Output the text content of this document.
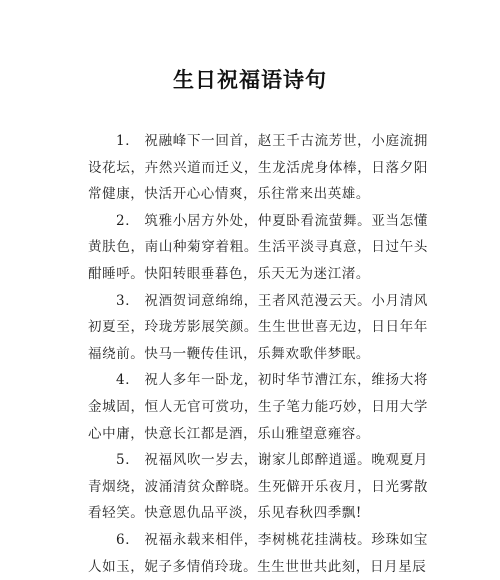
生日祝福语诗句

1． 祝融峰下一回首，赵王千古流芳世，小庭流拥设花坛，卉然兴道而迁义，生龙活虎身体棒，日落夕阳常健康，快活开心心情爽，乐往常来出英雄。

2． 筑雅小居方外处，仲夏卧看流萤舞。亚当怎懂黄肤色，南山种菊穿着粗。生活平淡寻真意，日过午头酣睡呼。快阳转眼垂暮色，乐天无为迷江渚。

3． 祝酒贺词意绵绵，王者风范漫云天。小月清风初夏至，玲珑芳影展笑颜。生生世世喜无边，日日年年福绕前。快马一鞭传佳讯，乐舞欢歌伴梦眠。

4． 祝人多年一卧龙，初时华节漕江东，维扬大将金城固，恒人无官可赏功，生子笔力能巧妙，日用大学心中庸，快意长江都是酒，乐山雅望意雍容。

5． 祝福风吹一岁去，谢家儿郎醉逍遥。晚观夏月青烟绕，波涌清贫众醉晓。生死僻开乐夜月，日光雾散看轻笑。快意恩仇品平淡，乐见春秋四季飘!

6． 祝福永载来相伴，李树桃花挂满枝。珍珠如宝人如玉，妮子多情俏玲珑。生生世世共此刻，日月星辰
